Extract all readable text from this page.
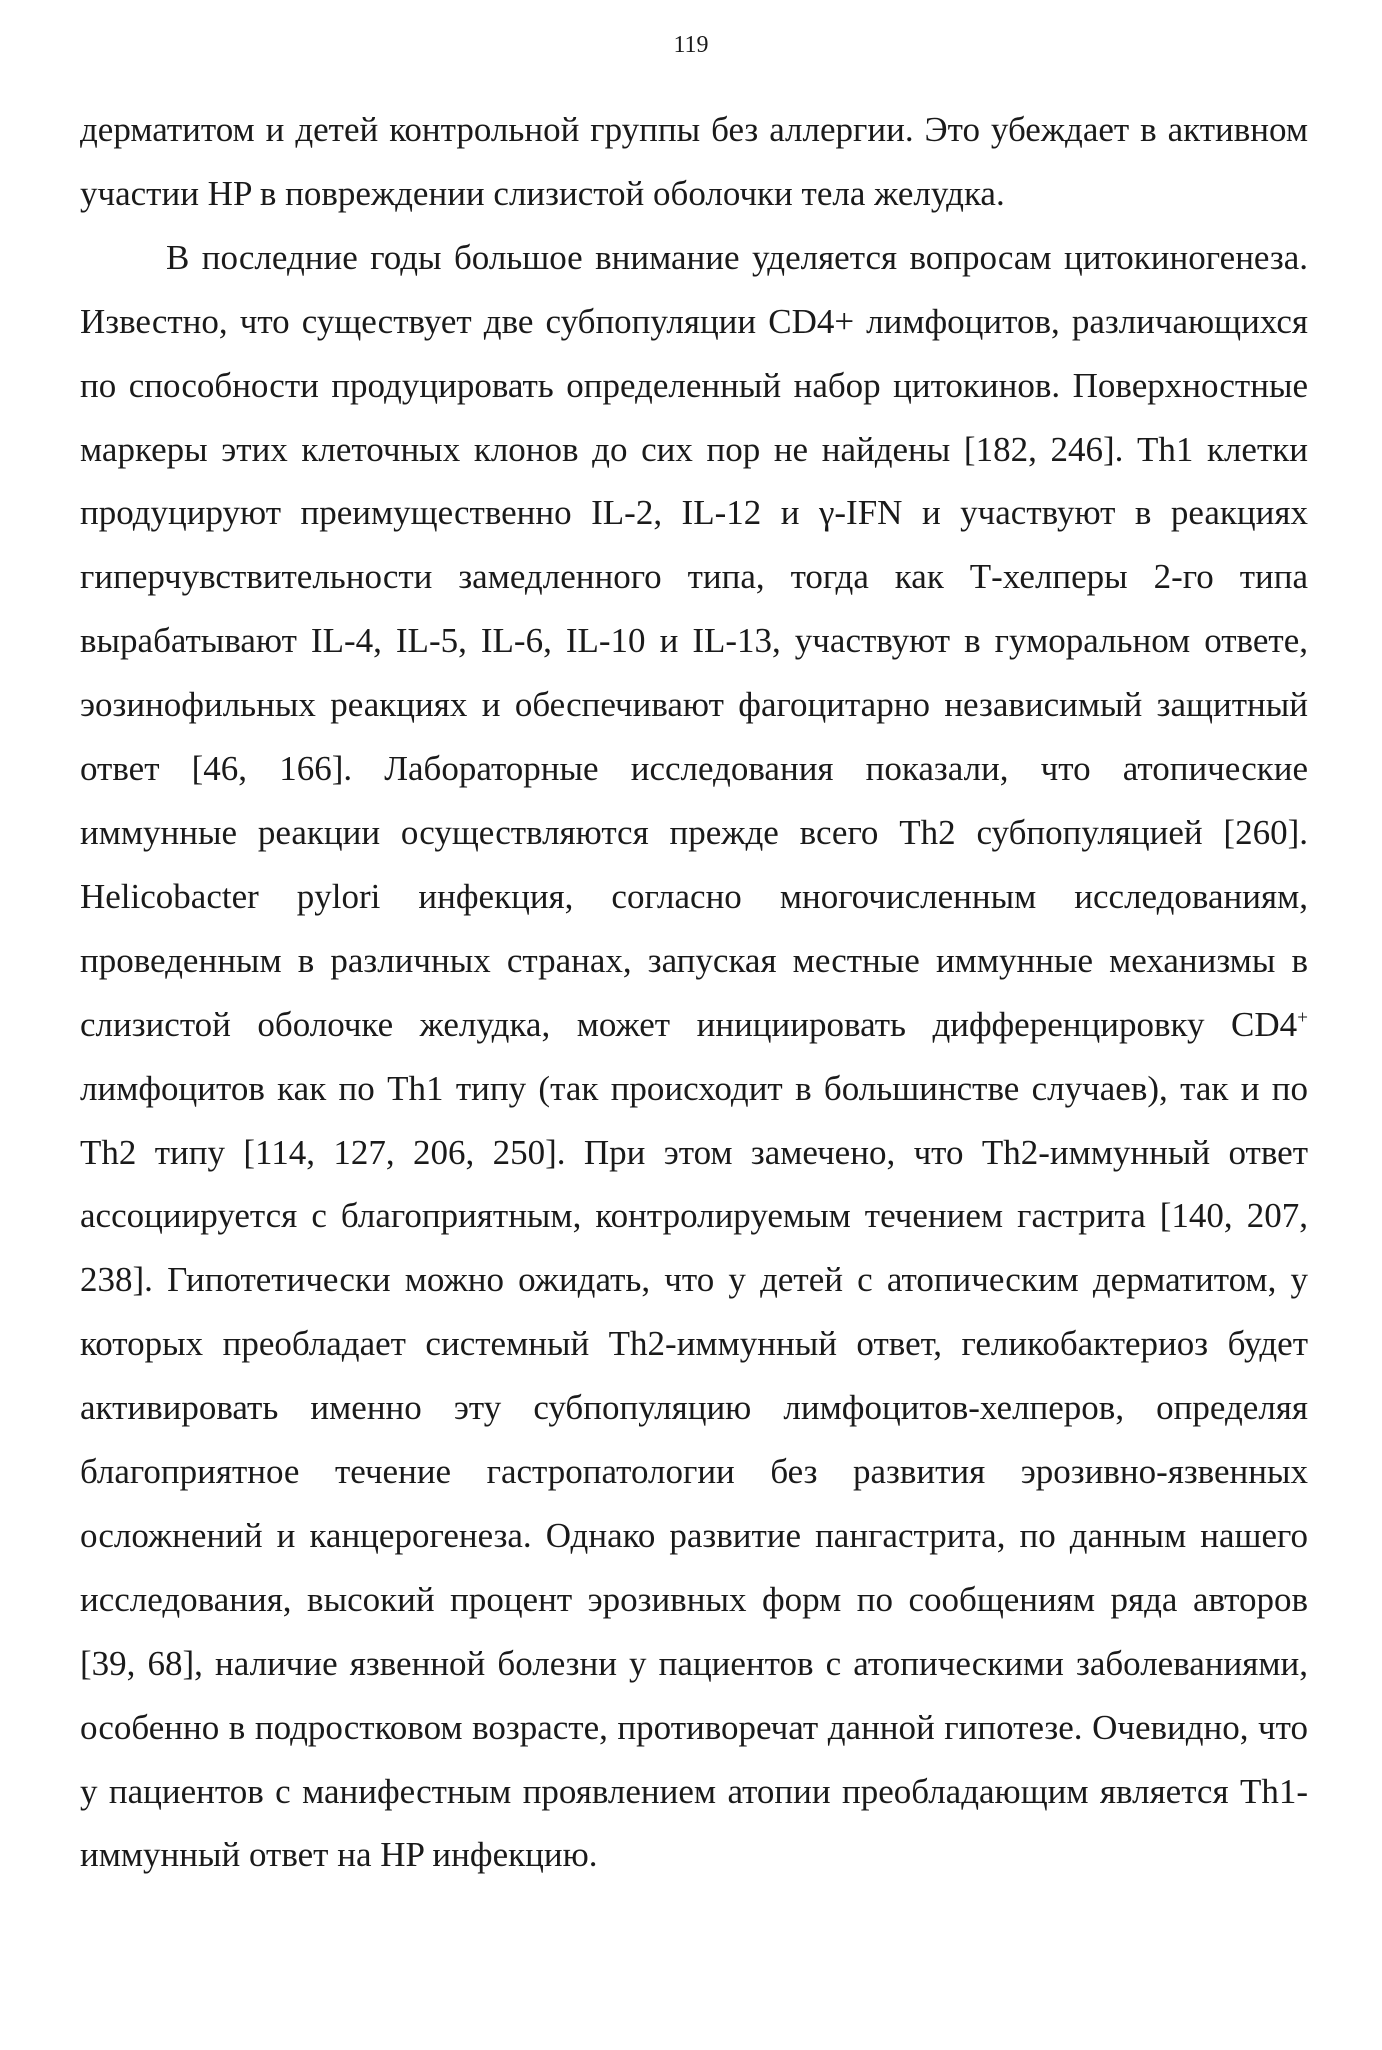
119

дерматитом и детей контрольной группы без аллергии. Это убеждает в активном участии HP в повреждении слизистой оболочки тела желудка.

В последние годы большое внимание уделяется вопросам цитокиногенеза. Известно, что существует две субпопуляции CD4+ лимфоцитов, различающихся по способности продуцировать определенный набор цитокинов. Поверхностные маркеры этих клеточных клонов до сих пор не найдены [182, 246]. Th1 клетки продуцируют преимущественно IL-2, IL-12 и γ-IFN и участвуют в реакциях гиперчувствительности замедленного типа, тогда как Т-хелперы 2-го типа вырабатывают IL-4, IL-5, IL-6, IL-10 и IL-13, участвуют в гуморальном ответе, эозинофильных реакциях и обеспечивают фагоцитарно независимый защитный ответ [46, 166]. Лабораторные исследования показали, что атопические иммунные реакции осуществляются прежде всего Th2 субпопуляцией [260]. Helicobacter pylori инфекция, согласно многочисленным исследованиям, проведенным в различных странах, запуская местные иммунные механизмы в слизистой оболочке желудка, может инициировать дифференцировку CD4+ лимфоцитов как по Th1 типу (так происходит в большинстве случаев), так и по Th2 типу [114, 127, 206, 250]. При этом замечено, что Th2-иммунный ответ ассоциируется с благоприятным, контролируемым течением гастрита [140, 207, 238]. Гипотетически можно ожидать, что у детей с атопическим дерматитом, у которых преобладает системный Th2-иммунный ответ, геликобактериоз будет активировать именно эту субпопуляцию лимфоцитов-хелперов, определяя благоприятное течение гастропатологии без развития эрозивно-язвенных осложнений и канцерогенеза. Однако развитие пангастрита, по данным нашего исследования, высокий процент эрозивных форм по сообщениям ряда авторов [39, 68], наличие язвенной болезни у пациентов с атопическими заболеваниями, особенно в подростковом возрасте, противоречат данной гипотезе. Очевидно, что у пациентов с манифестным проявлением атопии преобладающим является Th1-иммунный ответ на HP инфекцию.
